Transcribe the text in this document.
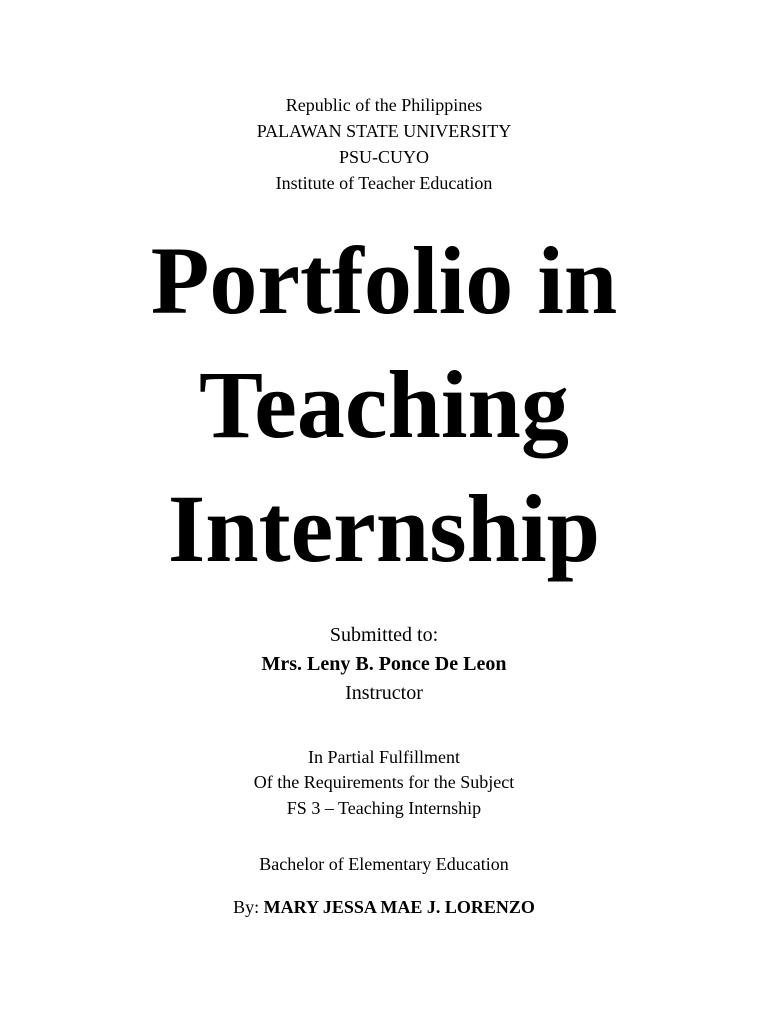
Republic of the Philippines
PALAWAN STATE UNIVERSITY
PSU-CUYO
Institute of Teacher Education
Portfolio in
Teaching
Internship
Submitted to:
Mrs. Leny B. Ponce De Leon
Instructor
In Partial Fulfillment
Of the Requirements for the Subject
FS 3 – Teaching Internship
Bachelor of Elementary Education
By: MARY JESSA MAE J. LORENZO
